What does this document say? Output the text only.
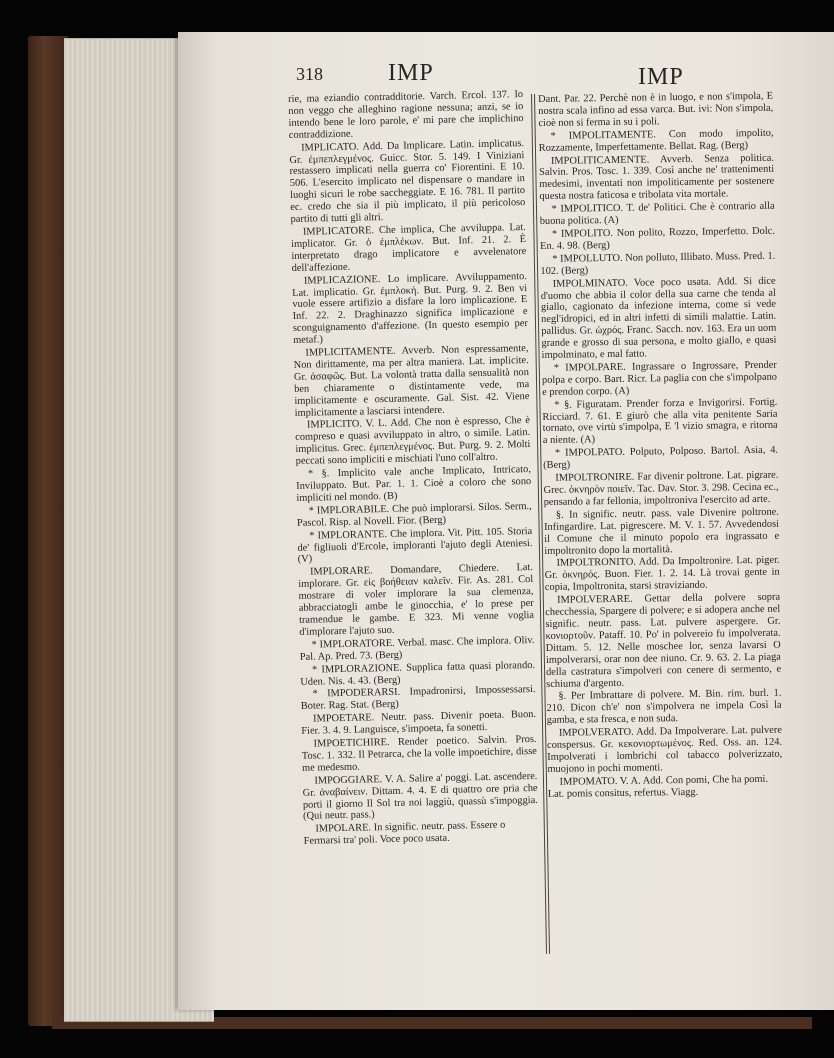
318	IMP	IMP

rie, ma eziandio contradditorie. Varch. Ercol. 137. Io non veggo che alleghino ragione nessuna; anzi, se io intendo bene le loro parole, e' mi pare che implichino contraddizione.

IMPLICATO. Add. Da Implicare. Latin. implicatus. Gr. ἐμπεπλεγμένος. Guicc. Stor. 5. 149. I Viniziani restassero implicati nella guerra co' Fiorentini. E 10. 506. L'esercito implicato nel dispensare o mandare in luoghi sicuri le robe saccheggiate. E 16. 781. Il partito ec. credo che sia il più implicato, il più pericoloso partito di tutti gli altri.

IMPLICATORE. Che implica, Che avviluppa. Lat. implicator. Gr. ὁ ἐμπλέκων. But. Inf. 21. 2. È interpretato drago implicatore e avvelenatore dell'affezione.

IMPLICAZIONE. Lo implicare. Avviluppamento. Lat. implicatio. Gr. ἐμπλοκή. But. Purg. 9. 2. Ben vi vuole essere artifizio a disfare la loro implicazione. E Inf. 22. 2. Draghinazzo significa implicazione e sconguignamento d'affezione. (In questo esempio per metaf.)

IMPLICITAMENTE. Avverb. Non espressamente, Non dirittamente, ma per altra maniera. Lat. implicite. Gr. ἀσαφῶς. But. La volontà tratta dalla sensualità non ben chiaramente o distintamente vede, ma implicitamente e oscuramente. Gal. Sist. 42. Viene implicitamente a lasciarsi intendere.

IMPLICITO. V. L. Add. Che non è espresso, Che è compreso e quasi avviluppato in altro, o simile. Latin. implicitus. Grec. ἐμπεπλεγμένος. But. Purg. 9. 2. Molti peccati sono impliciti e mischiati l'uno coll'altro.

* §. Implicito vale anche Implicato, Intricato, Inviluppato. But. Par. 1. 1. Cioè a coloro che sono impliciti nel mondo. (B)

* IMPLORABILE. Che può implorarsi. Silos. Serm., Pascol. Risp. al Novell. Fior. (Berg)

* IMPLORANTE. Che implora. Vit. Pitt. 105. Storia de' figliuoli d'Ercole, imploranti l'ajuto degli Ateniesi. (V)

IMPLORARE. Domandare, Chiedere. Lat. implorare. Gr. εἰς βοήθειαν καλεῖν. Fir. As. 281. Col mostrare di voler implorare la sua clemenza, abbracciatogli ambe le ginocchia, e' lo prese per tramendue le gambe. E 323. Mi venne voglia d'implorare l'ajuto suo.

* IMPLORATORE. Verbal. masc. Che implora. Oliv. Pal. Ap. Pred. 73. (Berg)

* IMPLORAZIONE. Supplica fatta quasi plorando. Uden. Nis. 4. 43. (Berg)

* IMPODERARSI. Impadronirsi, Impossessarsi. Boter. Rag. Stat. (Berg)

IMPOETARE. Neutr. pass. Divenir poeta. Buon. Fier. 3. 4. 9. Languisce, s'impoeta, fa sonetti.

IMPOETICHIRE. Render poetico. Salvin. Pros. Tosc. 1. 332. Il Petrarca, che la volle impoetichire, disse me medesmo.

IMPOGGIARE. V. A. Salire a' poggi. Lat. ascendere. Gr. ἀναβαίνειν. Dittam. 4. 4. E di quattro ore pria che porti il giorno Il Sol tra noi laggiù, quassù s'impoggia. (Qui neutr. pass.)

IMPOLARE. In signific. neutr. pass. Essere o Fermarsi tra' poli. Voce poco usata.

Dant. Par. 22. Perchè non è in luogo, e non s'impola, E nostra scala infino ad essa varca. But. ivi: Non s'impola, cioè non si ferma in su i poli.

* IMPOLITAMENTE. Con modo impolito, Rozzamente, Imperfettamente. Bellat. Rag. (Berg)

IMPOLITICAMENTE. Avverb. Senza politica. Salvin. Pros. Tosc. 1. 339. Così anche ne' trattenimenti medesimi, inventati non impoliticamente per sostenere questa nostra faticosa e tribolata vita mortale.

* IMPOLITICO. T. de' Politici. Che è contrario alla buona politica. (A)

* IMPOLITO. Non polito, Rozzo, Imperfetto. Dolc. En. 4. 98. (Berg)

* IMPOLLUTO. Non polluto, Illibato. Muss. Pred. 1. 102. (Berg)

IMPOLMINATO. Voce poco usata. Add. Si dice d'uomo che abbia il color della sua carne che tenda al giallo, cagionato da infezione interna, come si vede negl'idropici, ed in altri infetti di simili malattie. Latin. pallidus. Gr. ὠχρός. Franc. Sacch. nov. 163. Era un uom grande e grosso di sua persona, e molto giallo, e quasi impolminato, e mal fatto.

* IMPOLPARE. Ingrassare o Ingrossare, Prender polpa e corpo. Bart. Ricr. La paglia con che s'impolpano e prendon corpo. (A)

* §. Figuratam. Prender forza e Invigorirsi. Fortig. Ricciard. 7. 61. E giurò che alla vita penitente Saria tornato, ove virtù s'impolpa, E 'l vizio smagra, e ritorna a niente. (A)

* IMPOLPATO. Polputo, Polposo. Bartol. Asia, 4. (Berg)

IMPOLTRONIRE. Far divenir poltrone. Lat. pigrare. Grec. ὀκνηρὸν ποιεῖν. Tac. Dav. Stor. 3. 298. Cecina ec., pensando a far fellonia, impoltroniva l'esercito ad arte.

§. In signific. neutr. pass. vale Divenire poltrone. Infingardire. Lat. pigrescere. M. V. 1. 57. Avvedendosi il Comune che il minuto popolo era ingrassato e impoltronito dopo la mortalità.

IMPOLTRONITO. Add. Da Impoltronire. Lat. piger. Gr. ὀκνηρός. Buon. Fier. 1. 2. 14. Là trovai gente in copia, Impoltronita, starsi straviziando.

IMPOLVERARE. Gettar della polvere sopra checchessia, Spargere di polvere; e si adopera anche nel signific. neutr. pass. Lat. pulvere aspergere. Gr. κονιορτοῦν. Pataff. 10. Po' in polvereio fu impolverata. Dittam. 5. 12. Nelle moschee lor, senza lavarsi O impolverarsi, orar non dee niuno. Cr. 9. 63. 2. La piaga della castratura s'impolveri con cenere di sermento, e schiuma d'argento.

§. Per Imbrattare di polvere. M. Bin. rim. burl. 1. 210. Dicon ch'e' non s'impolvera ne impela Così la gamba, e sta fresca, e non suda.

IMPOLVERATO. Add. Da Impolverare. Lat. pulvere conspersus. Gr. κεκονιορτωμένος. Red. Oss. an. 124. Impolverati i lombrichi col tabacco polverizzato, muojono in pochi momenti.

IMPOMATO. V. A. Add. Con pomi, Che ha pomi. Lat. pomis consitus, refertus. Viagg.
